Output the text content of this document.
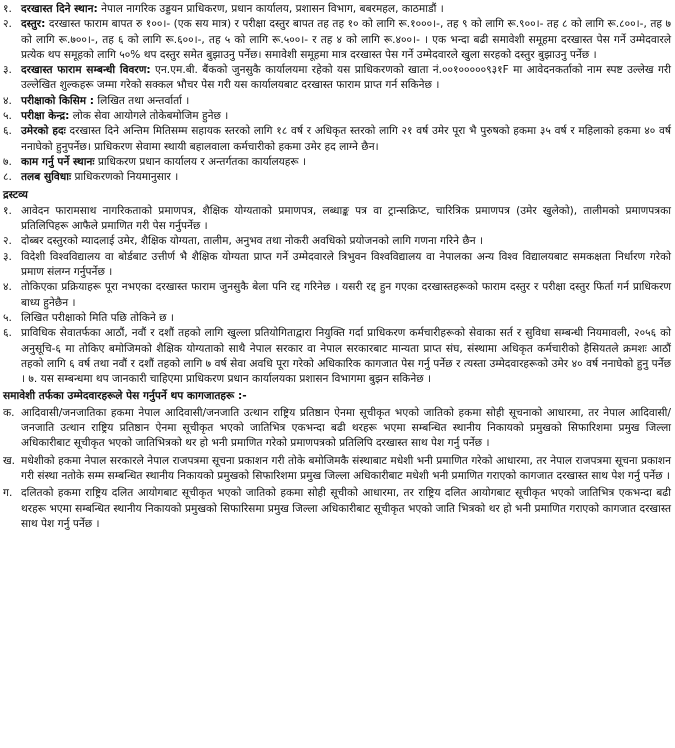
१. दरखास्त दिने स्थान: नेपाल नागरिक उड्डयन प्राधिकरण, प्रधान कार्यालय, प्रशासन विभाग, बबरमहल, काठमाडौं ।
२. दस्तुर: दरखास्त फाराम बापत रु १००।- (एक सय मात्र) र परीक्षा दस्तुर बापत तह तह १० को लागि रू.१०००।-, तह ९ को लागि रू.९००।- तह ८ को लागि रू.८००।-, तह ७ को लागि रू.७००।-, तह ६ को लागि रू.६००।-, तह ५ को लागि रू.५००।- र तह ४ को लागि रू.४००।- । एक भन्दा बढी समावेशी समूहमा दरखास्त पेस गर्ने उम्मेदवारले प्रत्येक थप समूहको लागि ५०% थप दस्तुर समेत बुझाउनु पर्नेछ। समावेशी समूहमा मात्र दरखास्त पेस गर्ने उम्मेदवारले खुला सरहको दस्तुर बुझाउनु पर्नेछ ।
३. दरखास्त फाराम सम्बन्धी विवरण: एन.एम.बी. बैंकको जुनसुकै कार्यालयमा रहेको यस प्राधिकरणको खाता नं.००१०००००९३१F मा आवेदनकर्ताको नाम स्पष्ट उल्लेख गरी उल्लेखित शुल्कहरू जम्मा गरेको सक्कल भौचर पेस गरी यस कार्यालयबाट दरखास्त फाराम प्राप्त गर्न सकिनेछ ।
४. परीक्षाको किसिम : लिखित तथा अन्तर्वार्ता ।
५. परीक्षा केन्द्र: लोक सेवा आयोगले तोकेबमोजिम हुनेछ ।
६. उमेरको हदः दरखास्त दिने अन्तिम मितिसम्म सहायक स्तरको लागि १८ वर्ष र अधिकृत स्तरको लागि २१ वर्ष उमेर पूरा भै पुरुषको हकमा ३५ वर्ष र महिलाको हकमा ४० वर्ष ननाघेको हुनुपर्नेछ। प्राधिकरण सेवामा स्थायी बहालवाला कर्मचारीको हकमा उमेर हद लाग्ने छैन।
७. काम गर्नु पर्ने स्थानः प्राधिकरण प्रधान कार्यालय र अन्तर्गतका कार्यालयहरू ।
८. तलब सुविधाः प्राधिकरणको नियमानुसार ।
द्रस्टव्य
१. आवेदन फारामसाथ नागरिकताको प्रमाणपत्र, शैक्षिक योग्यताको प्रमाणपत्र, लब्धाङ्क पत्र वा ट्रान्सक्रिप्ट, चारित्रिक प्रमाणपत्र (उमेर खुलेको), तालीमको प्रमाणपत्रका प्रतिलिपिहरू आफैले प्रमाणित गरी पेस गर्नुपर्नेछ ।
२. दोब्बर दस्तुरको म्यादलाई उमेर, शैक्षिक योग्यता, तालीम, अनुभव तथा नोकरी अवधिको प्रयोजनको लागि गणना गरिने छैन ।
३. विदेशी विश्वविद्यालय वा बोर्डबाट उत्तीर्ण भै शैक्षिक योग्यता प्राप्त गर्ने उम्मेदवारले त्रिभुवन विश्वविद्यालय वा नेपालका अन्य विश्व विद्यालयबाट समकक्षता निर्धारण गरेको प्रमाण संलग्न गर्नुपर्नेछ ।
४. तोकिएका प्रक्रियाहरू पूरा नभएका दरखास्त फाराम जुनसुकै बेला पनि रद्द गरिनेछ । यसरी रद्द हुन गएका दरखास्तहरूको फाराम दस्तुर र परीक्षा दस्तुर फिर्ता गर्न प्राधिकरण बाध्य हुनेछैन ।
५. लिखित परीक्षाको मिति पछि तोकिने छ ।
६. प्राविधिक सेवातर्फका आठौं, नवौं र दशौं तहको लागि खुल्ला प्रतियोगिताद्वारा नियुक्ति गर्दा प्राधिकरण कर्मचारीहरूको सेवाका सर्त र सुविधा सम्बन्धी नियमावली, २०५६ को अनुसूचि-६ मा तोकिए बमोजिमको शैक्षिक योग्यताको साथै नेपाल सरकार वा नेपाल सरकारबाट मान्यता प्राप्त संघ, संस्थामा अधिकृत कर्मचारीको हैसियतले क्रमशः आठौं तहको लागि ६ वर्ष तथा नवौं र दशौं तहको लागि ७ वर्ष सेवा अवधि पूरा गरेको अधिकारिक कागजात पेस गर्नु पर्नेछ र त्यस्ता उम्मेदवारहरूको उमेर ४० वर्ष ननाघेको हुनु पर्नेछ । ७. यस सम्बन्धमा थप जानकारी चाहिएमा प्राधिकरण प्रधान कार्यालयका प्रशासन विभागमा बुझन सकिनेछ ।
समावेशी तर्फका उम्मेदवारहरूले पेस गर्नुपर्ने थप कागजातहरू :-
क. आदिवासी/जनजातिका हकमा नेपाल आदिवासी/जनजाति उत्थान राष्ट्रिय प्रतिष्ठान ऐनमा सूचीकृत भएको जातिको हकमा सोही सूचनाको आधारमा, तर नेपाल आदिवासी/जनजाति उत्थान राष्ट्रिय प्रतिष्ठान ऐनमा सूचीकृत भएको जातिभित्र एकभन्दा बढी थरहरू भएमा सम्बन्धित स्थानीय निकायको प्रमुखको सिफारिशमा प्रमुख जिल्ला अधिकारीबाट सूचीकृत भएको जातिभित्रको थर हो भनी प्रमाणित गरेको प्रमाणपत्रको प्रतिलिपि दरखास्त साथ पेश गर्नु पर्नेछ ।
ख. मधेशीको हकमा नेपाल सरकारले नेपाल राजपत्रमा सूचना प्रकाशन गरी तोके बमोजिमकै संस्थाबाट मधेशी भनी प्रमाणित गरेको आधारमा, तर नेपाल राजपत्रमा सूचना प्रकाशन गरी संस्था नतोके सम्म सम्बन्धित स्थानीय निकायको प्रमुखको सिफारिशमा प्रमुख जिल्ला अधिकारीबाट मधेशी भनी प्रमाणित गराएको कागजात दरखास्त साथ पेश गर्नु पर्नेछ ।
ग. दलितको हकमा राष्ट्रिय दलित आयोगबाट सूचीकृत भएको जातिको हकमा सोही सूचीको आधारमा, तर राष्ट्रिय दलित आयोगबाट सूचीकृत भएको जातिभित्र एकभन्दा बढी थरहरू भएमा सम्बन्धित स्थानीय निकायको प्रमुखको सिफारिसमा प्रमुख जिल्ला अधिकारीबाट सूचीकृत भएको जाति भित्रको थर हो भनी प्रमाणित गराएको कागजात दरखास्त साथ पेश गर्नु पर्नेछ ।
